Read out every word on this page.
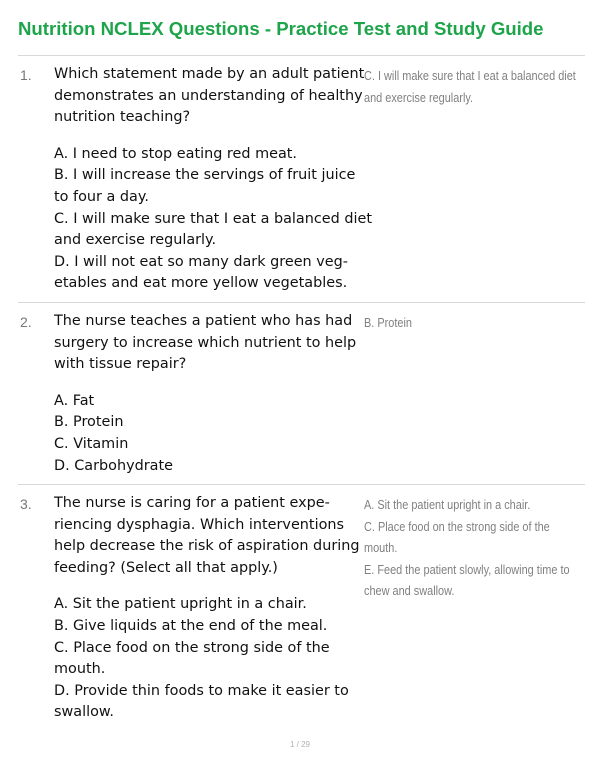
Nutrition NCLEX Questions - Practice Test and Study Guide
1. Which statement made by an adult patient demonstrates an understanding of healthy nutrition teaching?

A. I need to stop eating red meat.

B. I will increase the servings of fruit juice to four a day.

C. I will make sure that I eat a balanced diet and exercise regularly.

D. I will not eat so many dark green vegetables and eat more yellow vegetables.

C. I will make sure that I eat a balanced diet and exercise regularly.
2. The nurse teaches a patient who has had surgery to increase which nutrient to help with tissue repair?

A. Fat

B. Protein

C. Vitamin

D. Carbohydrate

B. Protein
3. The nurse is caring for a patient experiencing dysphagia. Which interventions help decrease the risk of aspiration during feeding? (Select all that apply.)

A. Sit the patient upright in a chair.

B. Give liquids at the end of the meal.

C. Place food on the strong side of the mouth.

D. Provide thin foods to make it easier to swallow.

A. Sit the patient upright in a chair.
C. Place food on the strong side of the mouth.
E. Feed the patient slowly, allowing time to chew and swallow.
1 / 29
